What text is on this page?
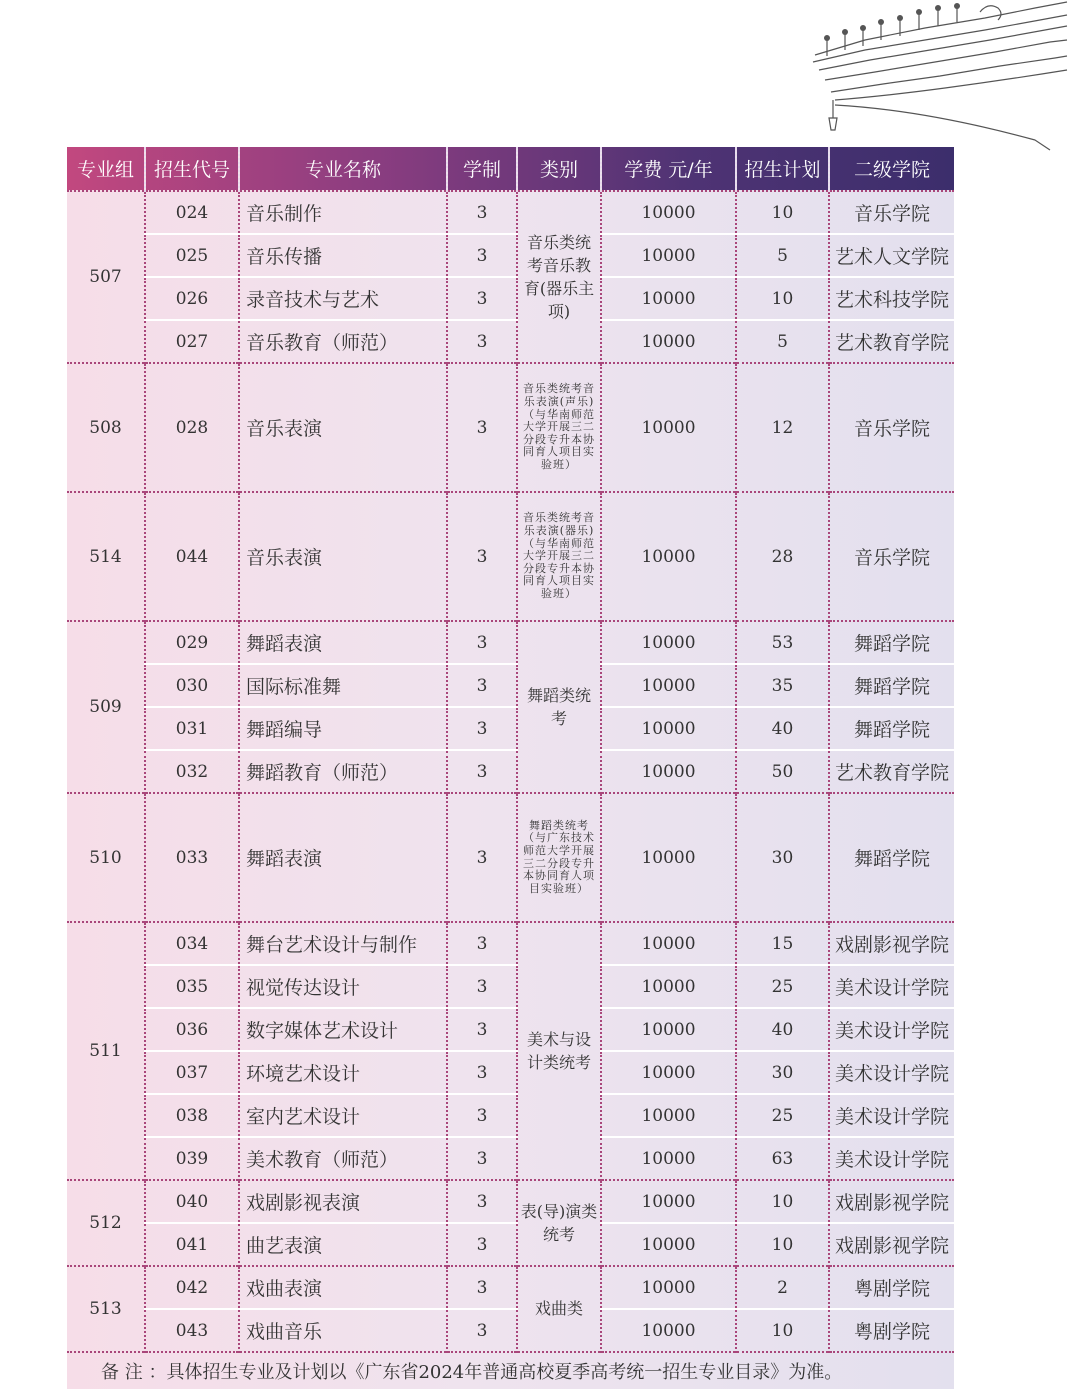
专业组	招生代号	专业名称	学制	类别	学费 元/年	招生计划	二级学院
507	024	音乐制作	3	音乐类统考音乐教育(器乐主项)	10000	10	音乐学院
	025	音乐传播	3		10000	5	艺术人文学院
	026	录音技术与艺术	3		10000	10	艺术科技学院
	027	音乐教育（师范）	3		10000	5	艺术教育学院
508	028	音乐表演	3	音乐类统考音乐表演(声乐)（与华南师范大学开展三二分段专升本协同育人项目实验班）	10000	12	音乐学院
514	044	音乐表演	3	音乐类统考音乐表演(器乐)（与华南师范大学开展三二分段专升本协同育人项目实验班）	10000	28	音乐学院
509	029	舞蹈表演	3	舞蹈类统考	10000	53	舞蹈学院
	030	国际标准舞	3		10000	35	舞蹈学院
	031	舞蹈编导	3		10000	40	舞蹈学院
	032	舞蹈教育（师范）	3		10000	50	艺术教育学院
510	033	舞蹈表演	3	舞蹈类统考（与广东技术师范大学开展三二分段专升本协同育人项目实验班）	10000	30	舞蹈学院
511	034	舞台艺术设计与制作	3	美术与设计类统考	10000	15	戏剧影视学院
	035	视觉传达设计	3		10000	25	美术设计学院
	036	数字媒体艺术设计	3		10000	40	美术设计学院
	037	环境艺术设计	3		10000	30	美术设计学院
	038	室内艺术设计	3		10000	25	美术设计学院
	039	美术教育（师范）	3		10000	63	美术设计学院
512	040	戏剧影视表演	3	表(导)演类统考	10000	10	戏剧影视学院
	041	曲艺表演	3		10000	10	戏剧影视学院
513	042	戏曲表演	3	戏曲类	10000	2	粤剧学院
	043	戏曲音乐	3		10000	10	粤剧学院
备 注 ：具体招生专业及计划以《广东省2024年普通高校夏季高考统一招生专业目录》为准。							
